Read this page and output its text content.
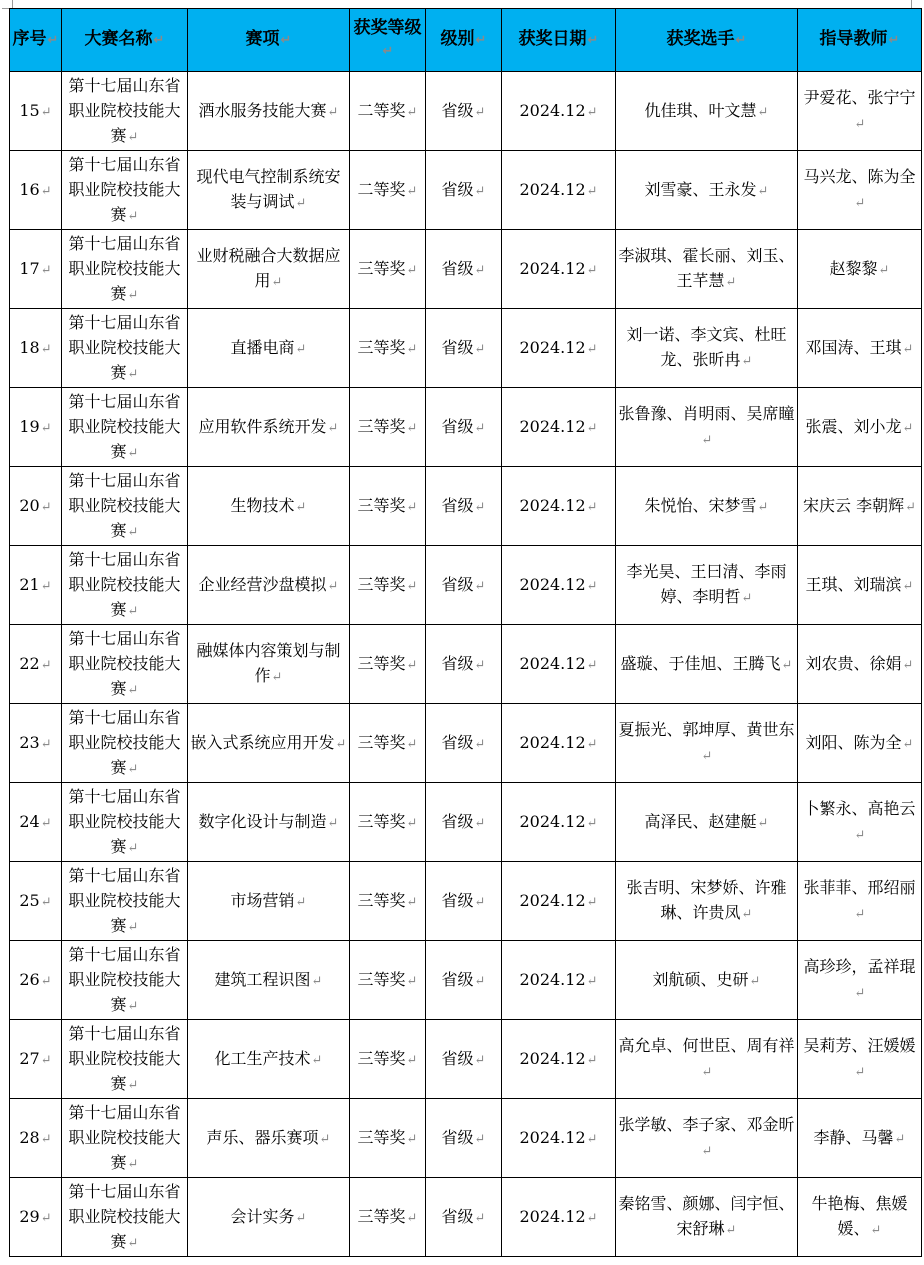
序号↵	大赛名称↵	赛项↵	获奖等级↵	级别↵	获奖日期↵	获奖选手↵	指导教师↵
15↵	第十七届山东省职业院校技能大赛↵	酒水服务技能大赛↵	二等奖↵	省级↵	2024.12↵	仇佳琪、叶文慧↵	尹爱花、张宁宁↵
16↵	第十七届山东省职业院校技能大赛↵	现代电气控制系统安装与调试↵	二等奖↵	省级↵	2024.12↵	刘雪豪、王永发↵	马兴龙、陈为全↵
17↵	第十七届山东省职业院校技能大赛↵	业财税融合大数据应用↵	三等奖↵	省级↵	2024.12↵	李淑琪、霍长丽、刘玉、王芊慧↵	赵黎黎↵
18↵	第十七届山东省职业院校技能大赛↵	直播电商↵	三等奖↵	省级↵	2024.12↵	刘一诺、李文宾、杜旺龙、张昕冉↵	邓国涛、王琪↵
19↵	第十七届山东省职业院校技能大赛↵	应用软件系统开发↵	三等奖↵	省级↵	2024.12↵	张鲁豫、肖明雨、吴席瞳↵	张震、刘小龙↵
20↵	第十七届山东省职业院校技能大赛↵	生物技术↵	三等奖↵	省级↵	2024.12↵	朱悦怡、宋梦雪↵	宋庆云 李朝辉↵
21↵	第十七届山东省职业院校技能大赛↵	企业经营沙盘模拟↵	三等奖↵	省级↵	2024.12↵	李光昊、王曰清、李雨婷、李明哲↵	王琪、刘瑞滨↵
22↵	第十七届山东省职业院校技能大赛↵	融媒体内容策划与制作↵	三等奖↵	省级↵	2024.12↵	盛璇、于佳旭、王腾飞↵	刘农贵、徐娟↵
23↵	第十七届山东省职业院校技能大赛↵	嵌入式系统应用开发↵	三等奖↵	省级↵	2024.12↵	夏振光、郭坤厚、黄世东↵	刘阳、陈为全↵
24↵	第十七届山东省职业院校技能大赛↵	数字化设计与制造↵	三等奖↵	省级↵	2024.12↵	高泽民、赵建艇↵	卜繁永、高艳云↵
25↵	第十七届山东省职业院校技能大赛↵	市场营销↵	三等奖↵	省级↵	2024.12↵	张吉明、宋梦娇、许雅琳、许贵凤↵	张菲菲、邢绍丽↵
26↵	第十七届山东省职业院校技能大赛↵	建筑工程识图↵	三等奖↵	省级↵	2024.12↵	刘航硕、史研↵	高珍珍，孟祥琨↵
27↵	第十七届山东省职业院校技能大赛↵	化工生产技术↵	三等奖↵	省级↵	2024.12↵	高允卓、何世臣、周有祥↵	吴莉芳、汪媛媛↵
28↵	第十七届山东省职业院校技能大赛↵	声乐、器乐赛项↵	三等奖↵	省级↵	2024.12↵	张学敏、李子家、邓金昕↵	李静、马馨↵
29↵	第十七届山东省职业院校技能大赛↵	会计实务↵	三等奖↵	省级↵	2024.12↵	秦铭雪、颜娜、闫宇恒、宋舒琳↵	牛艳梅、焦媛媛、↵
